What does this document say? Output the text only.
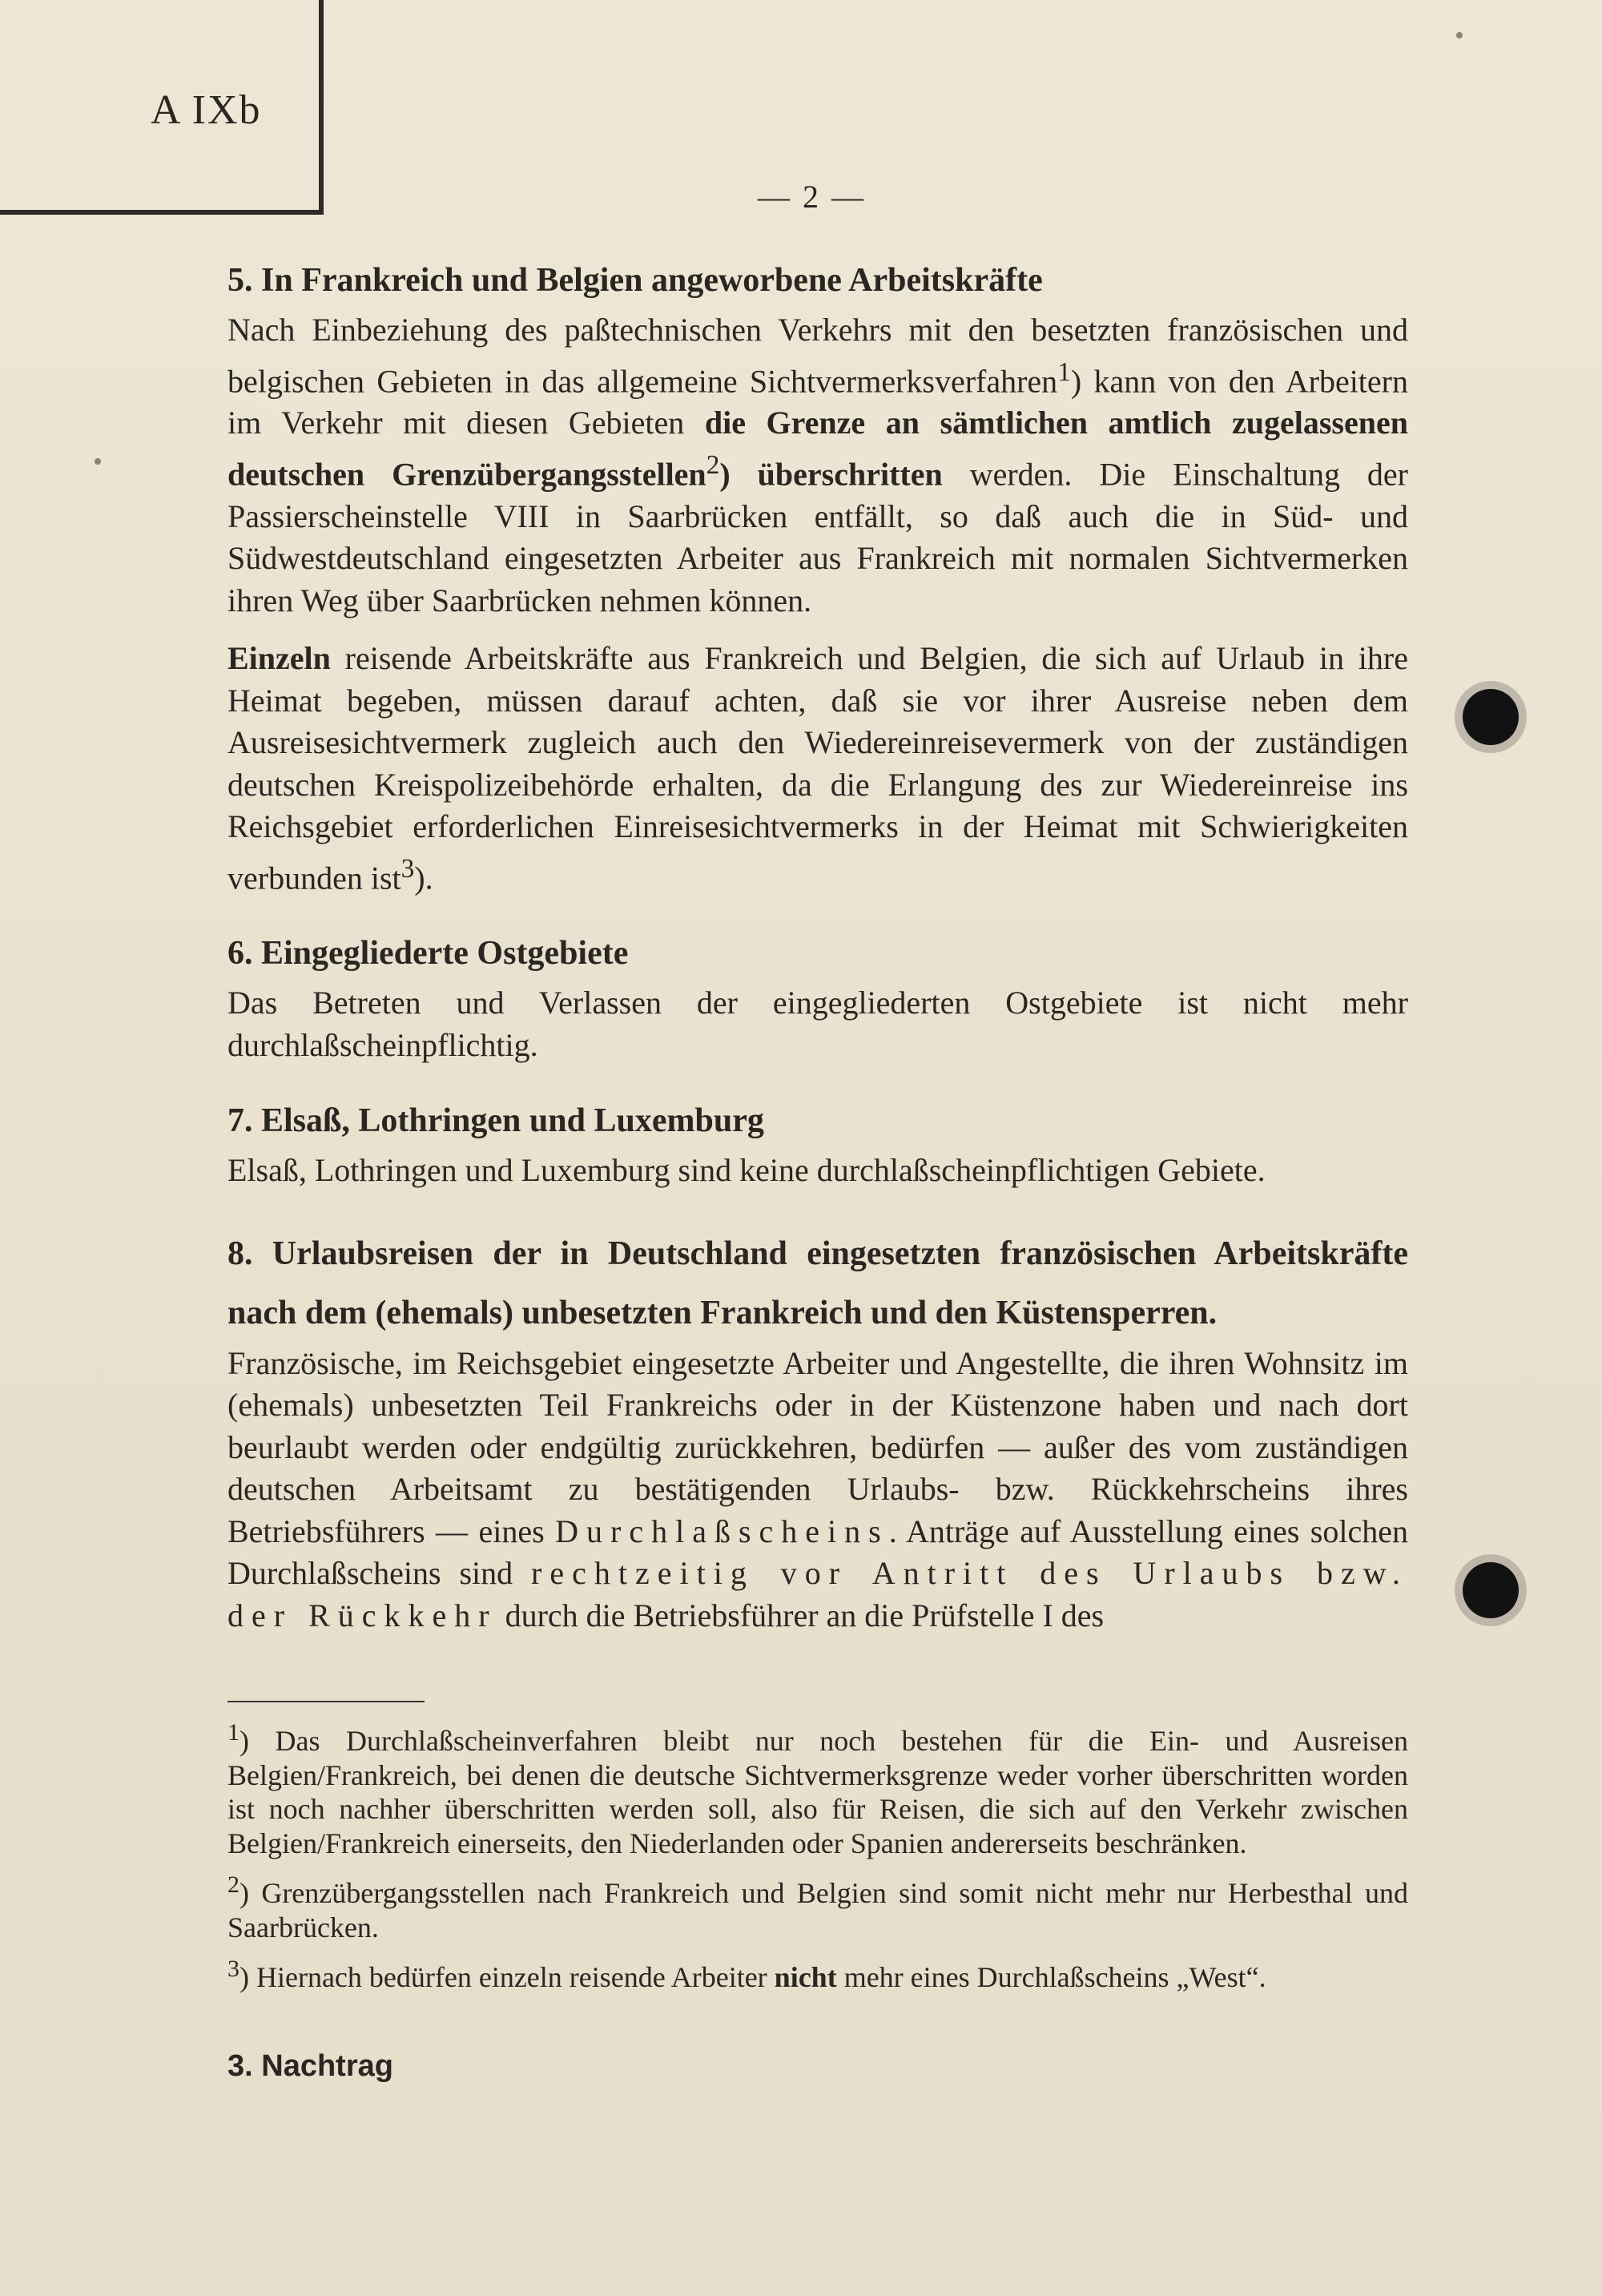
A IXb
— 2 —
5. In Frankreich und Belgien angeworbene Arbeitskräfte

Nach Einbeziehung des paßtechnischen Verkehrs mit den besetzten französischen und belgischen Gebieten in das allgemeine Sichtvermerksverfahren$^1$) kann von den Arbeitern im Verkehr mit diesen Gebieten die Grenze an sämtlichen amtlich zugelassenen deutschen Grenzübergangsstellen$^2$) überschritten werden. Die Einschaltung der Passierscheinstelle VIII in Saarbrücken entfällt, so daß auch die in Süd- und Südwestdeutschland eingesetzten Arbeiter aus Frankreich mit normalen Sichtvermerken ihren Weg über Saarbrücken nehmen können.

Einzeln reisende Arbeitskräfte aus Frankreich und Belgien, die sich auf Urlaub in ihre Heimat begeben, müssen darauf achten, daß sie vor ihrer Ausreise neben dem Ausreisesichtvermerk zugleich auch den Wiedereinreisevermerk von der zuständigen deutschen Kreispolizeibehörde erhalten, da die Erlangung des zur Wiedereinreise ins Reichsgebiet erforderlichen Einreisesichtvermerks in der Heimat mit Schwierigkeiten verbunden ist$^3$).

6. Eingegliederte Ostgebiete

Das Betreten und Verlassen der eingegliederten Ostgebiete ist nicht mehr durchlaßscheinpflichtig.

7. Elsaß, Lothringen und Luxemburg

Elsaß, Lothringen und Luxemburg sind keine durchlaßscheinpflichtigen Gebiete.

8. Urlaubsreisen der in Deutschland eingesetzten französischen Arbeitskräfte nach dem (ehemals) unbesetzten Frankreich und den Küstensperren.

Französische, im Reichsgebiet eingesetzte Arbeiter und Angestellte, die ihren Wohnsitz im (ehemals) unbesetzten Teil Frankreichs oder in der Küstenzone haben und nach dort beurlaubt werden oder endgültig zurückkehren, bedürfen — außer des vom zuständigen deutschen Arbeitsamt zu bestätigenden Urlaubs- bzw. Rückkehrscheins ihres Betriebsführers — eines Durchlaßscheins. Anträge auf Ausstellung eines solchen Durchlaßscheins sind rechtzeitig vor Antritt des Urlaubs bzw. der Rückkehr durch die Betriebsführer an die Prüfstelle I des

$^1$) Das Durchlaßscheinverfahren bleibt nur noch bestehen für die Ein- und Ausreisen Belgien/Frankreich, bei denen die deutsche Sichtvermerksgrenze weder vorher überschritten worden ist noch nachher überschritten werden soll, also für Reisen, die sich auf den Verkehr zwischen Belgien/Frankreich einerseits, den Niederlanden oder Spanien andererseits beschränken.

$^2$) Grenzübergangsstellen nach Frankreich und Belgien sind somit nicht mehr nur Herbesthal und Saarbrücken.

$^3$) Hiernach bedürfen einzeln reisende Arbeiter nicht mehr eines Durchlaßscheins „West“.

3. Nachtrag
